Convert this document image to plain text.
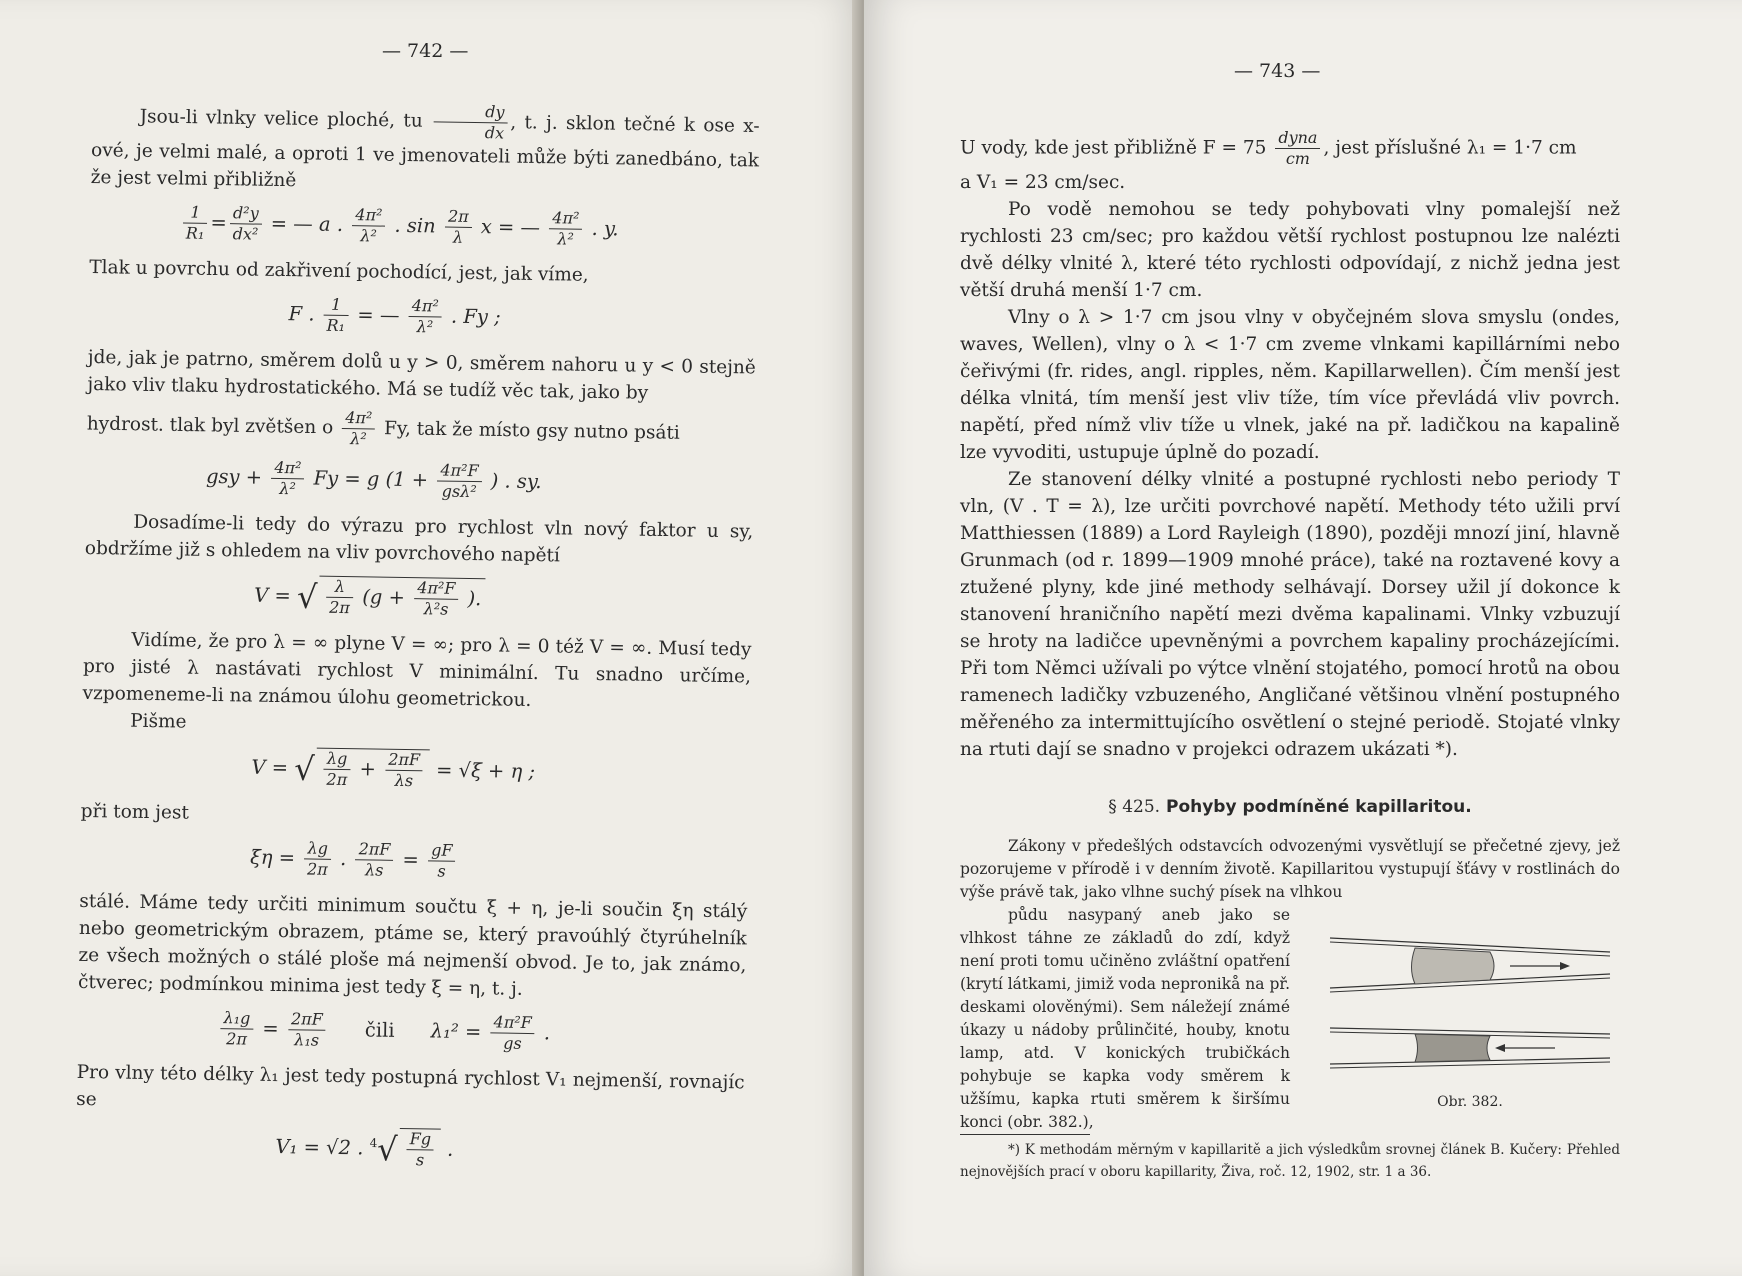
— 742 —

Jsou-li vlnky velice ploché, tu $\frac{dy}{dx}$ , t. j. sklon tečné k ose x-ové, je velmi malé, a oproti 1 ve jmenovateli může býti zanedbáno, tak že jest velmi přibližně

$\frac{1}{\text{R₁}} = \frac{\text{d²y}}{\text{dx²}}$ = — a . $\frac{\text{4π²}}{\text{λ²}}$ . $\sin \frac{2\pi}{\lambda}$ x = — $\frac{\text{4π²}}{\text{λ²}}$ . y.

Tlak u povrchu od zakřivení pochodící, jest, jak víme,

F . $\frac{1}{\text{R₁}}$ = — $\frac{\text{4π²}}{\text{λ²}}$ . Fy ;

jde, jak je patrno, směrem dolů u y > 0, směrem nahoru u y < 0 stejně jako vliv tlaku hydrostatického. Má se tudíž věc tak, jako by

hydrost. tlak byl zvětšen o $\frac{\text{4π²}}{\text{λ²}} Fy$, tak že místo gsy nutno psáti

gsy + $\frac{\text{4π²}}{\text{λ²}}$ Fy = g ($1 + \frac{\text{4π²F}}{\text{gsλ²}}$ ) . sy.

Dosadíme-li tedy do výrazu pro rychlost vln nový faktor u sy, obdržíme již s ohledem na vliv povrchového napětí

V = √ $\frac{\lambda}{2\pi} (g + \frac{\text{4π²F}}{\text{λ²s}}$ ).

Vidíme, že pro λ = ∞ plyne V = ∞; pro λ = 0 též V = ∞. Musí tedy pro jisté λ nastávati rychlost V minimální. Tu snadno určíme, vzpomeneme-li na známou úlohu geometrickou.

Pišme

V = √ $\frac{\lambda g}{2\pi} + \frac{2\pi F}{\lambda s} = √\xi + \eta$ ;

při tom jest

$\xi\eta = \frac{\lambda g}{2\pi}$ . $\frac{2\pi F}{\lambda s} = \frac{gF}{s}$

stálé. Máme tedy určiti minimum součtu ξ + η, je-li součin ξη stálý nebo geometrickým obrazem, ptáme se, který pravoúhlý čtyrúhelník ze všech možných o stálé ploše má nejmenší obvod. Je to, jak známo, čtverec; podmínkou minima jest tedy ξ = η, t. j.

$\frac{\text{λ₁g}}{2\pi} = \frac{2\pi F}{\text{λ₁s}}$ čili $\lambda_1^2 = \frac{\text{4π²F}}{gs}$ .

Pro vlny této délky λ₁ jest tedy postupná rychlost V₁ nejmenší, rovnajíc se

V₁ = √2 . $^4√ \frac{Fg}{s}$ .
— 743 —

U vody, kde jest přibližně $F = 75 \frac{\text{dyna}}{cm}$ , jest příslušné λ₁ = 1·7 cm

a V₁ = 23 cm/sec.

Po vodě nemohou se tedy pohybovati vlny pomalejší než rychlosti 23 cm/sec; pro každou větší rychlost postupnou lze nalézti dvě délky vlnité λ, které této rychlosti odpovídají, z nichž jedna jest větší druhá menší 1·7 cm.

Vlny o λ > 1·7 cm jsou vlny v obyčejném slova smyslu (ondes, waves, Wellen), vlny o λ < 1·7 cm zveme vlnkami kapillárními nebo čeřivými (fr. rides, angl. ripples, něm. Kapillarwellen). Čím menší jest délka vlnitá, tím menší jest vliv tíže, tím více převládá vliv povrch. napětí, před nímž vliv tíže u vlnek, jaké na př. ladičkou na kapalině lze vyvoditi, ustupuje úplně do pozadí.

Ze stanovení délky vlnité a postupné rychlosti nebo periody T vln, (V . T = λ), lze určiti povrchové napětí. Methody této užili prví Matthiessen (1889) a Lord Rayleigh (1890), později mnozí jiní, hlavně Grunmach (od r. 1899—1909 mnohé práce), také na roztavené kovy a ztužené plyny, kde jiné methody selhávají. Dorsey užil jí dokonce k stanovení hraničního napětí mezi dvěma kapalinami. Vlnky vzbuzují se hroty na ladičce upevněnými a povrchem kapaliny procházejícími. Při tom Němci užívali po výtce vlnění stojatého, pomocí hrotů na obou ramenech ladičky vzbuzeného, Angličané většinou vlnění postupného měřeného za intermittujícího osvětlení o stejné periodě. Stojaté vlnky na rtuti dají se snadno v projekci odrazem ukázati *).

§ 425. Pohyby podmíněné kapillaritou.

Zákony v předešlých odstavcích odvozenými vysvětlují se přečetné zjevy, jež pozorujeme v přírodě i v denním životě. Kapillaritou vystupují šťávy v rostlinách do výše právě tak, jako vlhne suchý písek na vlhkou

půdu nasypaný aneb jako se vlhkost táhne ze základů do zdí, když není proti tomu učiněno zvláštní opatření (krytí látkami, jimiž voda nepronikå na př. deskami olověnými). Sem náležejí známé úkazy u nádoby průlinčité, houby, knotu lamp, atd. V konických trubičkách pohybuje se kapka vody směrem k užšímu, kapka rtuti směrem k širšímu konci (obr. 382.),

Obr. 382.

*) K methodám měrným v kapillaritě a jich výsledkům srovnej článek B. Kučery: Přehled nejnovějších prací v oboru kapillarity, Živa, roč. 12, 1902, str. 1 a 36.
